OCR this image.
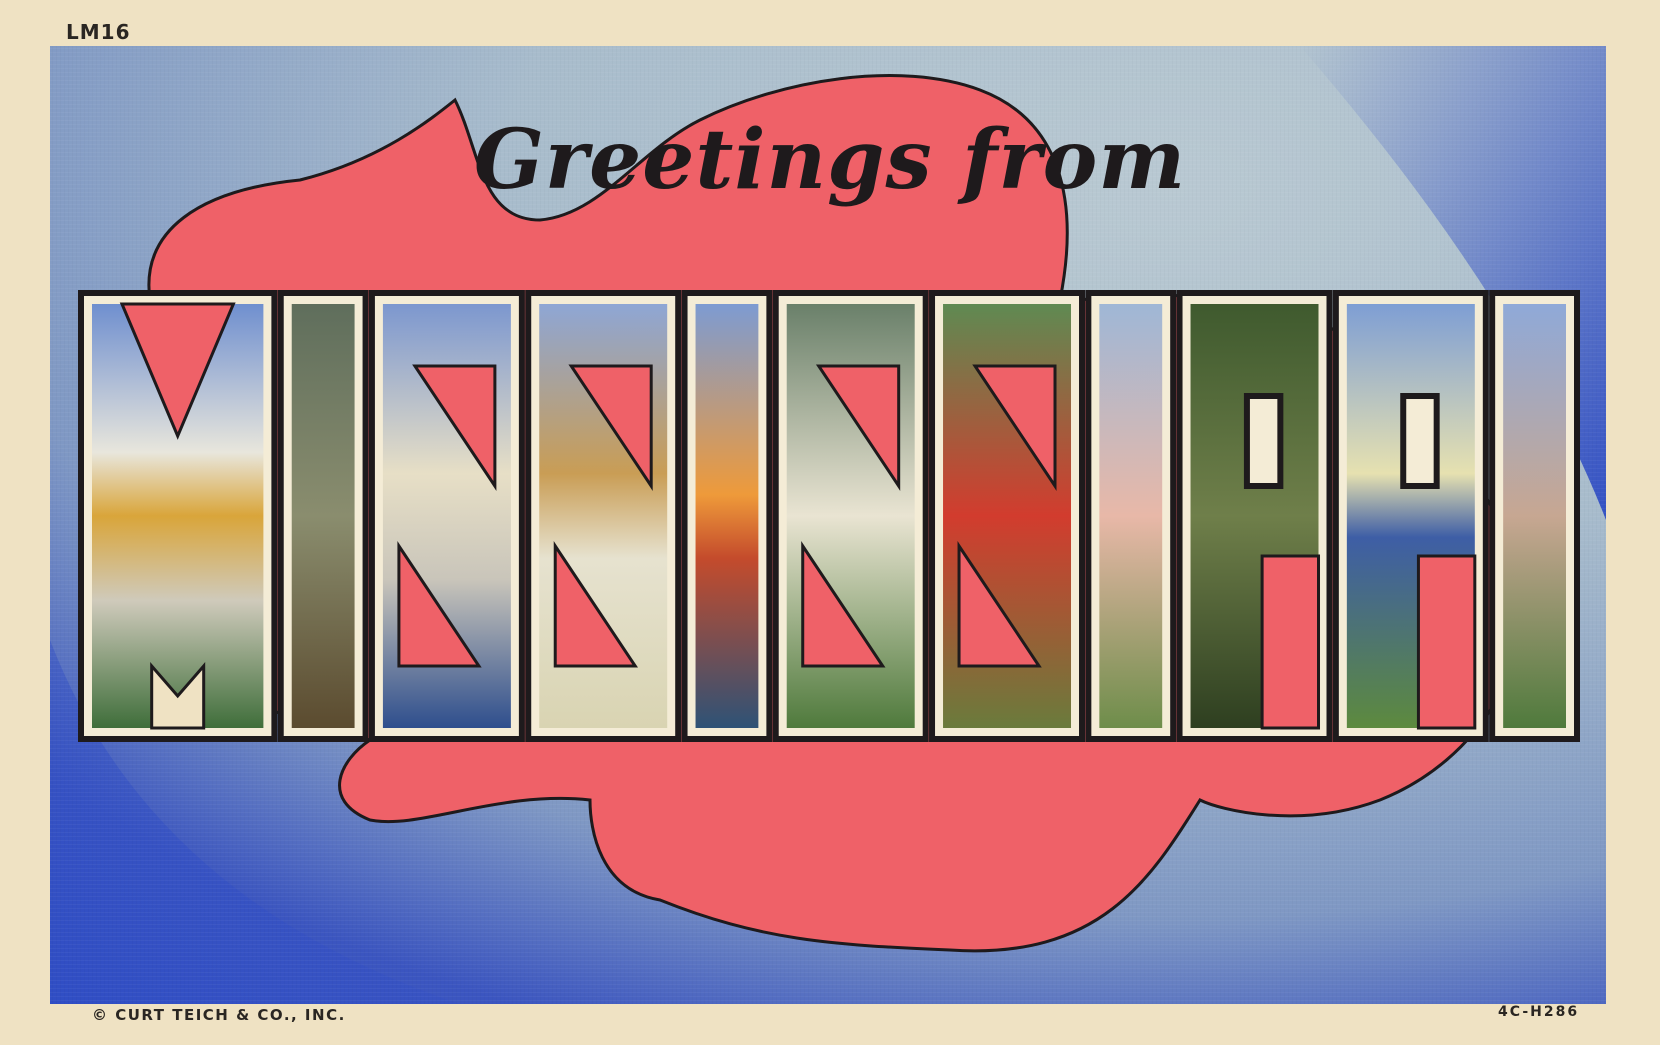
Greetings from
LM16
© CURT TEICH & CO., INC.	4C-H286
